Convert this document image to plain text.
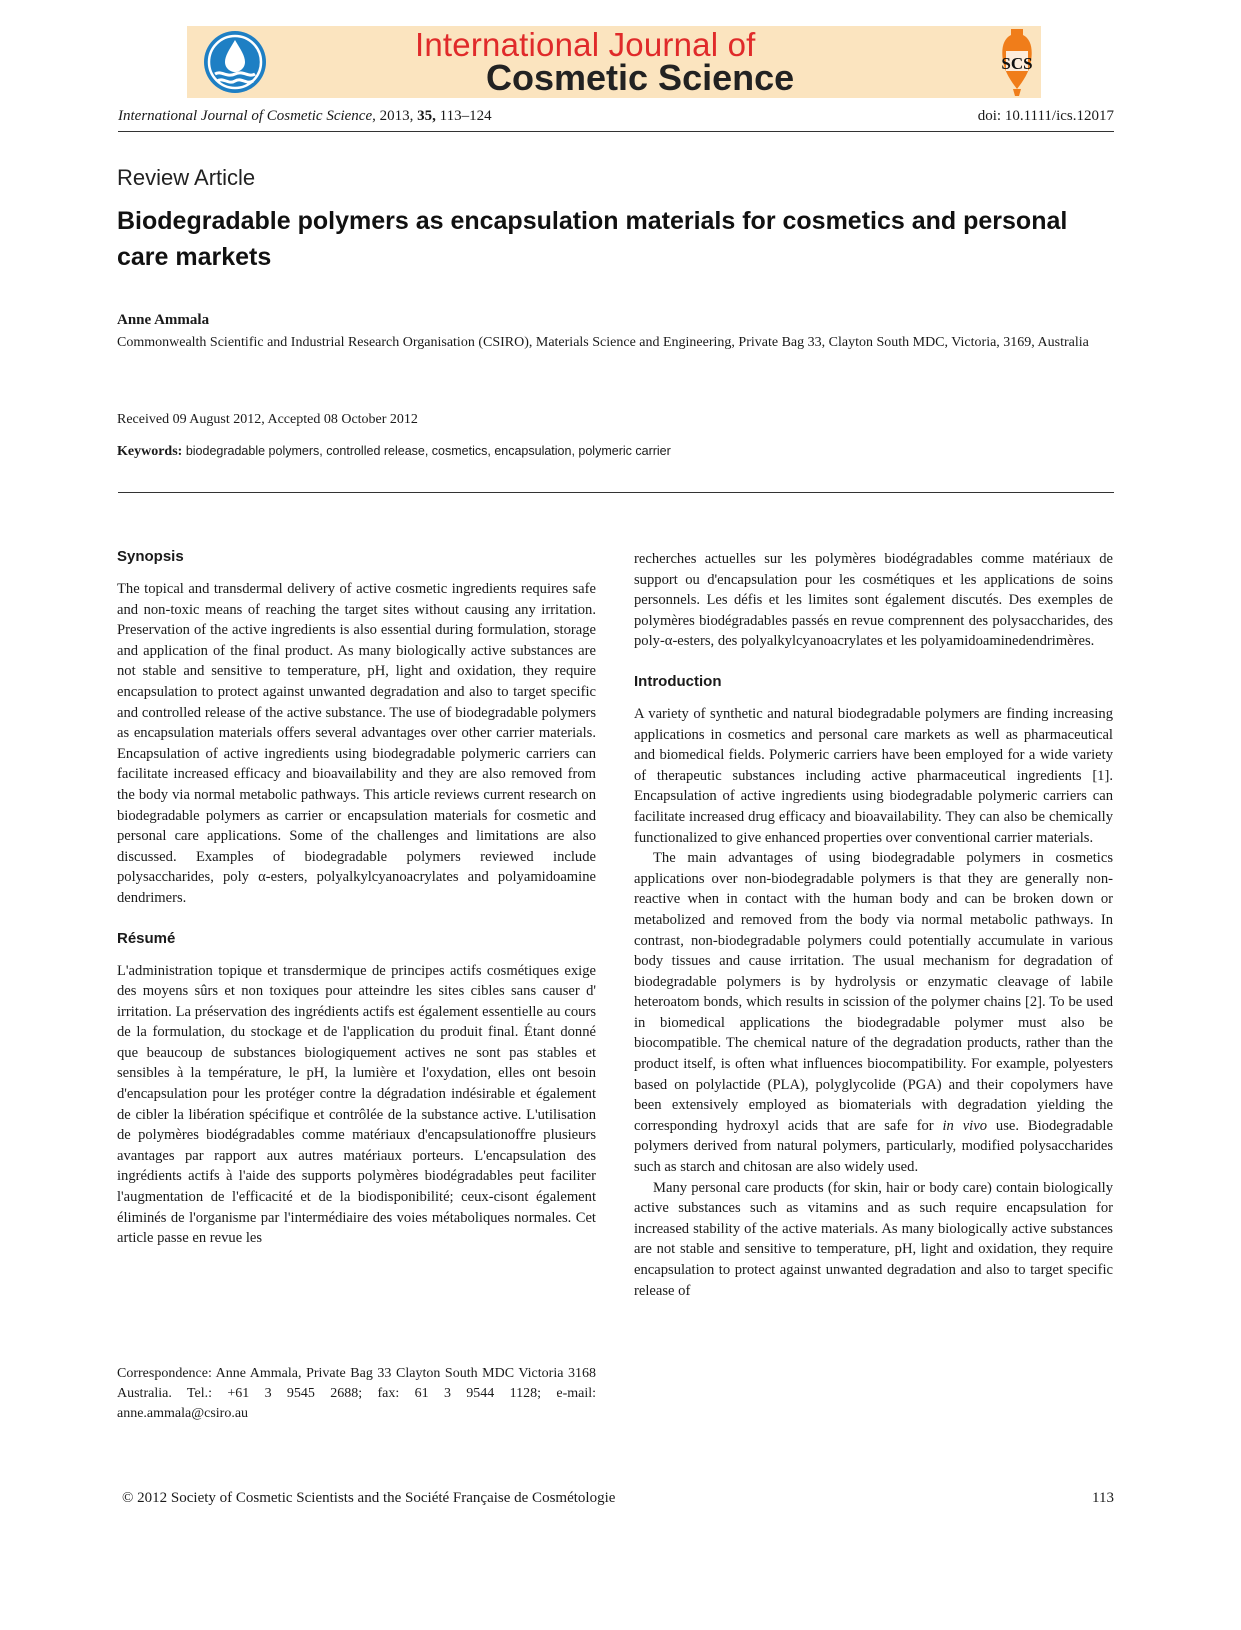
International Journal of
Cosmetic Science	SCS
International Journal of Cosmetic Science, 2013, 35, 113–124	doi: 10.1111/ics.12017
Review Article
Biodegradable polymers as encapsulation materials for cosmetics and personal care markets
Anne Ammala
Commonwealth Scientific and Industrial Research Organisation (CSIRO), Materials Science and Engineering, Private Bag 33, Clayton South MDC, Victoria, 3169, Australia
Received 09 August 2012, Accepted 08 October 2012
Keywords: biodegradable polymers, controlled release, cosmetics, encapsulation, polymeric carrier
Synopsis

The topical and transdermal delivery of active cosmetic ingredients requires safe and non-toxic means of reaching the target sites without causing any irritation. Preservation of the active ingredients is also essential during formulation, storage and application of the final product. As many biologically active substances are not stable and sensitive to temperature, pH, light and oxidation, they require encapsulation to protect against unwanted degradation and also to target specific and controlled release of the active substance. The use of biodegradable polymers as encapsulation materials offers several advantages over other carrier materials. Encapsulation of active ingredients using biodegradable polymeric carriers can facilitate increased efficacy and bioavailability and they are also removed from the body via normal metabolic pathways. This article reviews current research on biodegradable polymers as carrier or encapsulation materials for cosmetic and personal care applications. Some of the challenges and limitations are also discussed. Examples of biodegradable polymers reviewed include polysaccharides, poly α-esters, polyalkylcyanoacrylates and polyamidoamine dendrimers.

Résumé

L'administration topique et transdermique de principes actifs cosmétiques exige des moyens sûrs et non toxiques pour atteindre les sites cibles sans causer d' irritation. La préservation des ingrédients actifs est également essentielle au cours de la formulation, du stockage et de l'application du produit final. Étant donné que beaucoup de substances biologiquement actives ne sont pas stables et sensibles à la température, le pH, la lumière et l'oxydation, elles ont besoin d'encapsulation pour les protéger contre la dégradation indésirable et également de cibler la libération spécifique et contrôlée de la substance active. L'utilisation de polymères biodégradables comme matériaux d'encapsulationoffre plusieurs avantages par rapport aux autres matériaux porteurs. L'encapsulation des ingrédients actifs à l'aide des supports polymères biodégradables peut faciliter l'augmentation de l'efficacité et de la biodisponibilité; ceux-cisont également éliminés de l'organisme par l'intermédiaire des voies métaboliques normales. Cet article passe en revue les

Correspondence: Anne Ammala, Private Bag 33 Clayton South MDC Victoria 3168 Australia. Tel.: +61 3 9545 2688; fax: 61 3 9544 1128; e-mail: anne.ammala@csiro.au

recherches actuelles sur les polymères biodégradables comme matériaux de support ou d'encapsulation pour les cosmétiques et les applications de soins personnels. Les défis et les limites sont également discutés. Des exemples de polymères biodégradables passés en revue comprennent des polysaccharides, des poly-α-esters, des polyalkylcyanoacrylates et les polyamidoaminedendrimères.

Introduction

A variety of synthetic and natural biodegradable polymers are finding increasing applications in cosmetics and personal care markets as well as pharmaceutical and biomedical fields. Polymeric carriers have been employed for a wide variety of therapeutic substances including active pharmaceutical ingredients [1]. Encapsulation of active ingredients using biodegradable polymeric carriers can facilitate increased drug efficacy and bioavailability. They can also be chemically functionalized to give enhanced properties over conventional carrier materials.

The main advantages of using biodegradable polymers in cosmetics applications over non-biodegradable polymers is that they are generally non-reactive when in contact with the human body and can be broken down or metabolized and removed from the body via normal metabolic pathways. In contrast, non-biodegradable polymers could potentially accumulate in various body tissues and cause irritation. The usual mechanism for degradation of biodegradable polymers is by hydrolysis or enzymatic cleavage of labile heteroatom bonds, which results in scission of the polymer chains [2]. To be used in biomedical applications the biodegradable polymer must also be biocompatible. The chemical nature of the degradation products, rather than the product itself, is often what influences biocompatibility. For example, polyesters based on polylactide (PLA), polyglycolide (PGA) and their copolymers have been extensively employed as biomaterials with degradation yielding the corresponding hydroxyl acids that are safe for in vivo use. Biodegradable polymers derived from natural polymers, particularly, modified polysaccharides such as starch and chitosan are also widely used.

Many personal care products (for skin, hair or body care) contain biologically active substances such as vitamins and as such require encapsulation for increased stability of the active materials. As many biologically active substances are not stable and sensitive to temperature, pH, light and oxidation, they require encapsulation to protect against unwanted degradation and also to target specific release of

© 2012 Society of Cosmetic Scientists and the Société Française de Cosmétologie	113
